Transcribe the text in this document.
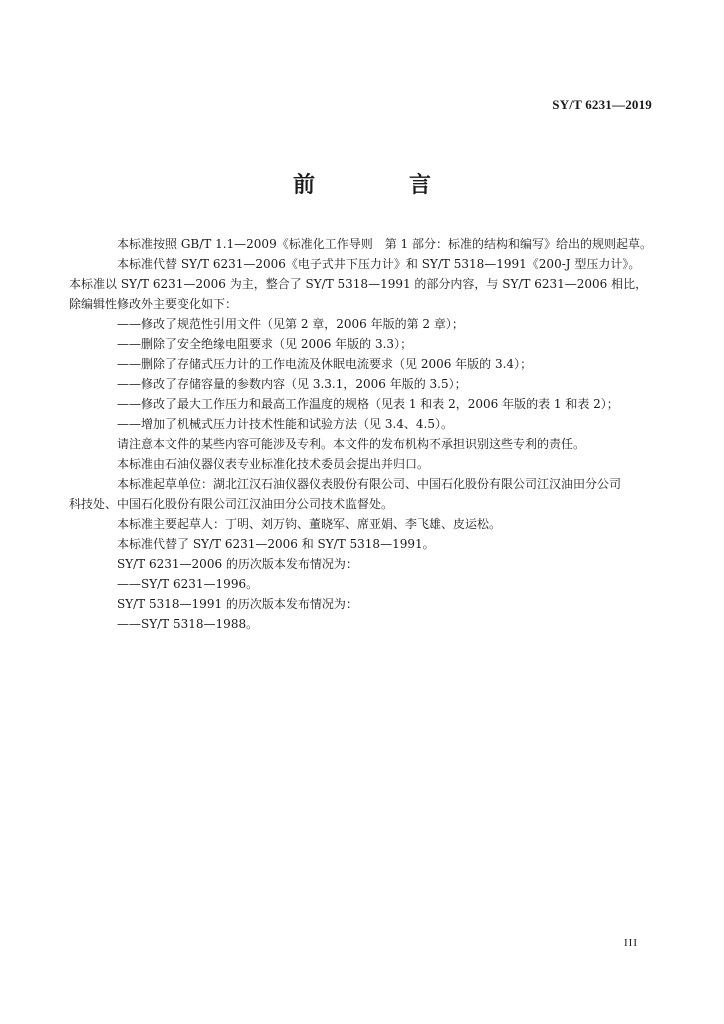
SY/T 6231—2019
前　言

本标准按照 GB/T 1.1—2009《标准化工作导则　第 1 部分：标准的结构和编写》给出的规则起草。

本标准代替 SY/T 6231—2006《电子式井下压力计》和 SY/T 5318—1991《200-J 型压力计》。

本标准以 SY/T 6231—2006 为主，整合了 SY/T 5318—1991 的部分内容，与 SY/T 6231—2006 相比，

除编辑性修改外主要变化如下：

——修改了规范性引用文件（见第 2 章，2006 年版的第 2 章）；

——删除了安全绝缘电阻要求（见 2006 年版的 3.3）；

——删除了存储式压力计的工作电流及休眠电流要求（见 2006 年版的 3.4）；

——修改了存储容量的参数内容（见 3.3.1，2006 年版的 3.5）；

——修改了最大工作压力和最高工作温度的规格（见表 1 和表 2，2006 年版的表 1 和表 2）；

——增加了机械式压力计技术性能和试验方法（见 3.4、4.5）。

请注意本文件的某些内容可能涉及专利。本文件的发布机构不承担识别这些专利的责任。

本标准由石油仪器仪表专业标准化技术委员会提出并归口。

本标准起草单位：湖北江汉石油仪器仪表股份有限公司、中国石化股份有限公司江汉油田分公司

科技处、中国石化股份有限公司江汉油田分公司技术监督处。

本标准主要起草人：丁明、刘万钧、董晓军、席亚娟、李飞雄、皮运松。

本标准代替了 SY/T 6231—2006 和 SY/T 5318—1991。

SY/T 6231—2006 的历次版本发布情况为：

——SY/T 6231—1996。

SY/T 5318—1991 的历次版本发布情况为：

——SY/T 5318—1988。

III
